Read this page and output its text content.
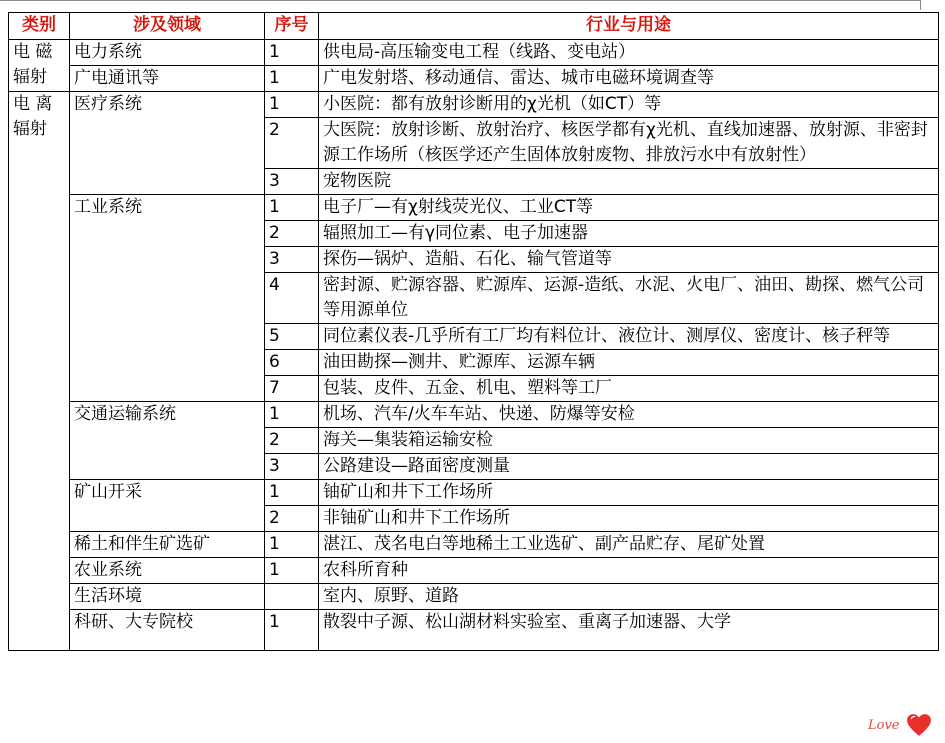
类别	涉及领域	序号	行业与用途
电 磁辐射	电力系统	1	供电局-高压输变电工程（线路、变电站）
	广电通讯等	1	广电发射塔、移动通信、雷达、城市电磁环境调查等
电 离辐射	医疗系统	1	小医院：都有放射诊断用的χ光机（如CT）等
		2	大医院：放射诊断、放射治疗、核医学都有χ光机、直线加速器、放射源、非密封源工作场所（核医学还产生固体放射废物、排放污水中有放射性）
		3	宠物医院
	工业系统	1	电子厂—有χ射线荧光仪、工业CT等
		2	辐照加工—有γ同位素、电子加速器
		3	探伤—锅炉、造船、石化、输气管道等
		4	密封源、贮源容器、贮源库、运源-造纸、水泥、火电厂、油田、勘探、燃气公司等用源单位
		5	同位素仪表-几乎所有工厂均有料位计、液位计、测厚仪、密度计、核子秤等
		6	油田勘探—测井、贮源库、运源车辆
		7	包装、皮件、五金、机电、塑料等工厂
	交通运输系统	1	机场、汽车/火车车站、快递、防爆等安检
		2	海关—集装箱运输安检
		3	公路建设—路面密度测量
	矿山开采	1	铀矿山和井下工作场所
		2	非铀矿山和井下工作场所
	稀土和伴生矿选矿	1	湛江、茂名电白等地稀土工业选矿、副产品贮存、尾矿处置
	农业系统	1	农科所育种
	生活环境		室内、原野、道路
	科研、大专院校	1	散裂中子源、松山湖材料实验室、重离子加速器、大学
Love
